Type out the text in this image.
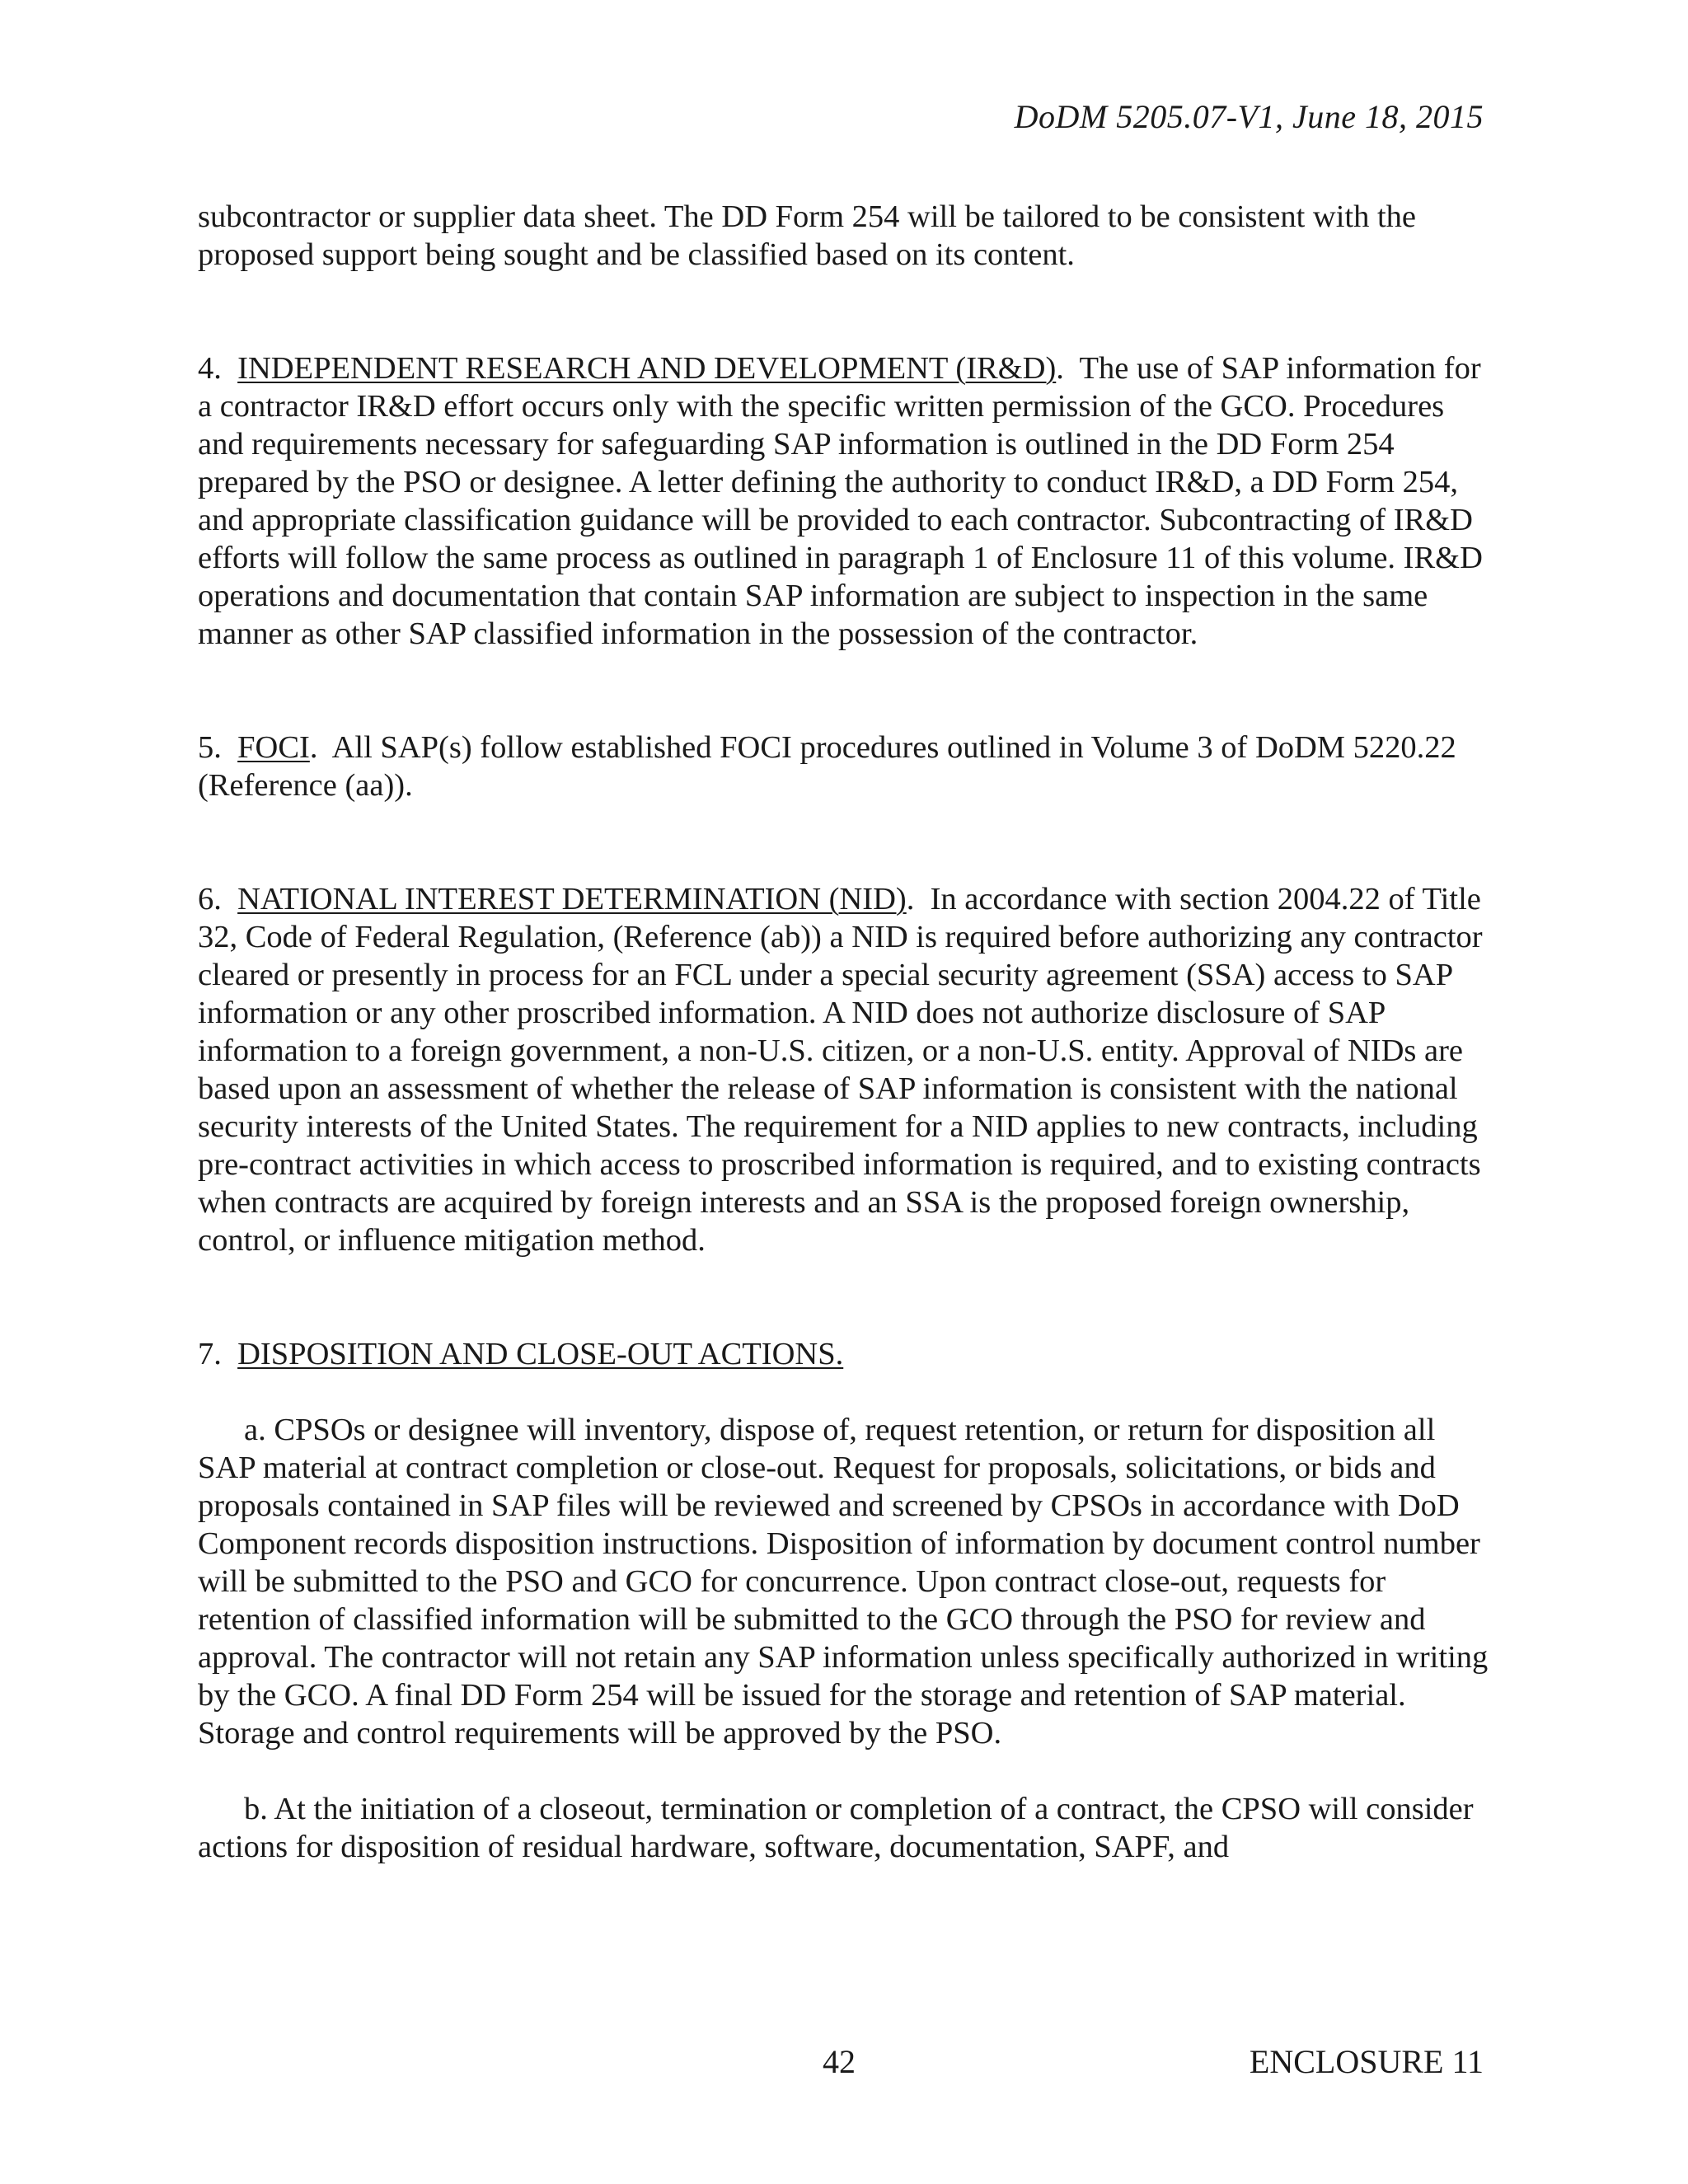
DoDM 5205.07-V1, June 18, 2015

subcontractor or supplier data sheet. The DD Form 254 will be tailored to be consistent with the proposed support being sought and be classified based on its content.

4. INDEPENDENT RESEARCH AND DEVELOPMENT (IR&D).  The use of SAP information for a contractor IR&D effort occurs only with the specific written permission of the GCO. Procedures and requirements necessary for safeguarding SAP information is outlined in the DD Form 254 prepared by the PSO or designee. A letter defining the authority to conduct IR&D, a DD Form 254, and appropriate classification guidance will be provided to each contractor. Subcontracting of IR&D efforts will follow the same process as outlined in paragraph 1 of Enclosure 11 of this volume. IR&D operations and documentation that contain SAP information are subject to inspection in the same manner as other SAP classified information in the possession of the contractor.

5. FOCI.  All SAP(s) follow established FOCI procedures outlined in Volume 3 of DoDM 5220.22 (Reference (aa)).

6. NATIONAL INTEREST DETERMINATION (NID).  In accordance with section 2004.22 of Title 32, Code of Federal Regulation, (Reference (ab)) a NID is required before authorizing any contractor cleared or presently in process for an FCL under a special security agreement (SSA) access to SAP information or any other proscribed information. A NID does not authorize disclosure of SAP information to a foreign government, a non-U.S. citizen, or a non-U.S. entity. Approval of NIDs are based upon an assessment of whether the release of SAP information is consistent with the national security interests of the United States. The requirement for a NID applies to new contracts, including pre-contract activities in which access to proscribed information is required, and to existing contracts when contracts are acquired by foreign interests and an SSA is the proposed foreign ownership, control, or influence mitigation method.

7. DISPOSITION AND CLOSE-OUT ACTIONS.

a. CPSOs or designee will inventory, dispose of, request retention, or return for disposition all SAP material at contract completion or close-out. Request for proposals, solicitations, or bids and proposals contained in SAP files will be reviewed and screened by CPSOs in accordance with DoD Component records disposition instructions. Disposition of information by document control number will be submitted to the PSO and GCO for concurrence. Upon contract close-out, requests for retention of classified information will be submitted to the GCO through the PSO for review and approval. The contractor will not retain any SAP information unless specifically authorized in writing by the GCO. A final DD Form 254 will be issued for the storage and retention of SAP material. Storage and control requirements will be approved by the PSO.

b. At the initiation of a closeout, termination or completion of a contract, the CPSO will consider actions for disposition of residual hardware, software, documentation, SAPF, and

42	ENCLOSURE 11
